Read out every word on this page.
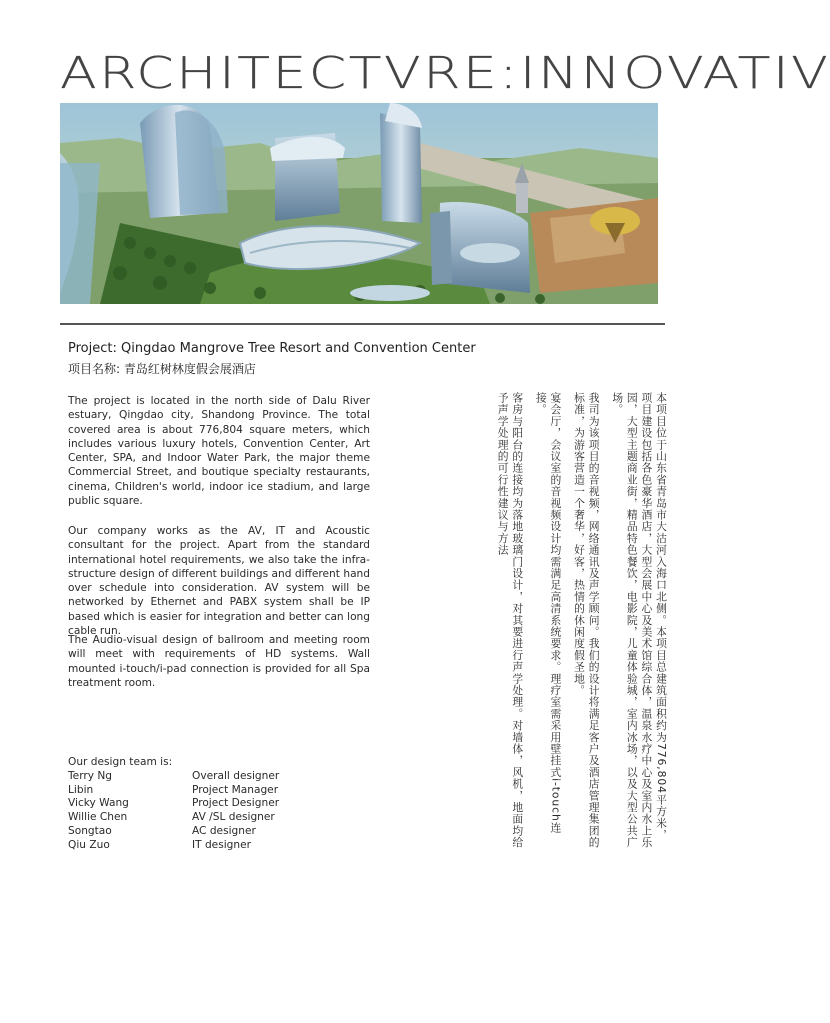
ARCHITECTVRE:INNOVATIV
Project: Qingdao Mangrove Tree Resort and Convention Center
项目名称: 青岛红树林度假会展酒店
The project is located in the north side of Dalu River estuary, Qingdao city, Shandong Province. The total covered area is about 776,804 square meters, which includes various luxury hotels, Convention Center, Art Center, SPA, and Indoor Water Park, the major theme Commercial Street, and boutique specialty restaurants, cinema, Children's world, indoor ice stadium, and large public square.
Our company works as the AV, IT and Acoustic consultant for the project. Apart from the standard international hotel requirements, we also take the infra-structure design of different buildings and different hand over schedule into consideration. AV system will be networked by Ethernet and PABX system shall be IP based which is easier for integration and better can long cable run.
The Audio-visual design of ballroom and meeting room will meet with requirements of HD systems. Wall mounted i-touch/i-pad connection is provided for all Spa treatment room.
Our design team is:
Terry Ng	Overall designer
Libin	Project Manager
Vicky Wang	Project Designer
Willie Chen	AV /SL designer
Songtao	AC designer
Qiu Zuo	IT designer

本项目位于山东省青岛市大沽河入海口北侧。本项目总建筑面积约为776,804平方米，项目建设包括各色豪华酒店，大型会展中心及美术馆综合体，温泉水疗中心及室内水上乐园，大型主题商业街，精品特色餐饮，电影院，儿童体验城，室内冰场，以及大型公共广场。

我司为该项目的音视频，网络通讯及声学顾问。我们的设计将满足客户及酒店管理集团的标准，为游客营造一个奢华，好客，热情的休闲度假圣地。

宴会厅，会议室的音视频设计均需满足高清系统要求。理疗室需采用壁挂式i-touch连接。

客房与阳台的连接均为落地玻璃门设计，对其要进行声学处理。对墙体，风机，地面均给予声学处理的可行性建议与方法
